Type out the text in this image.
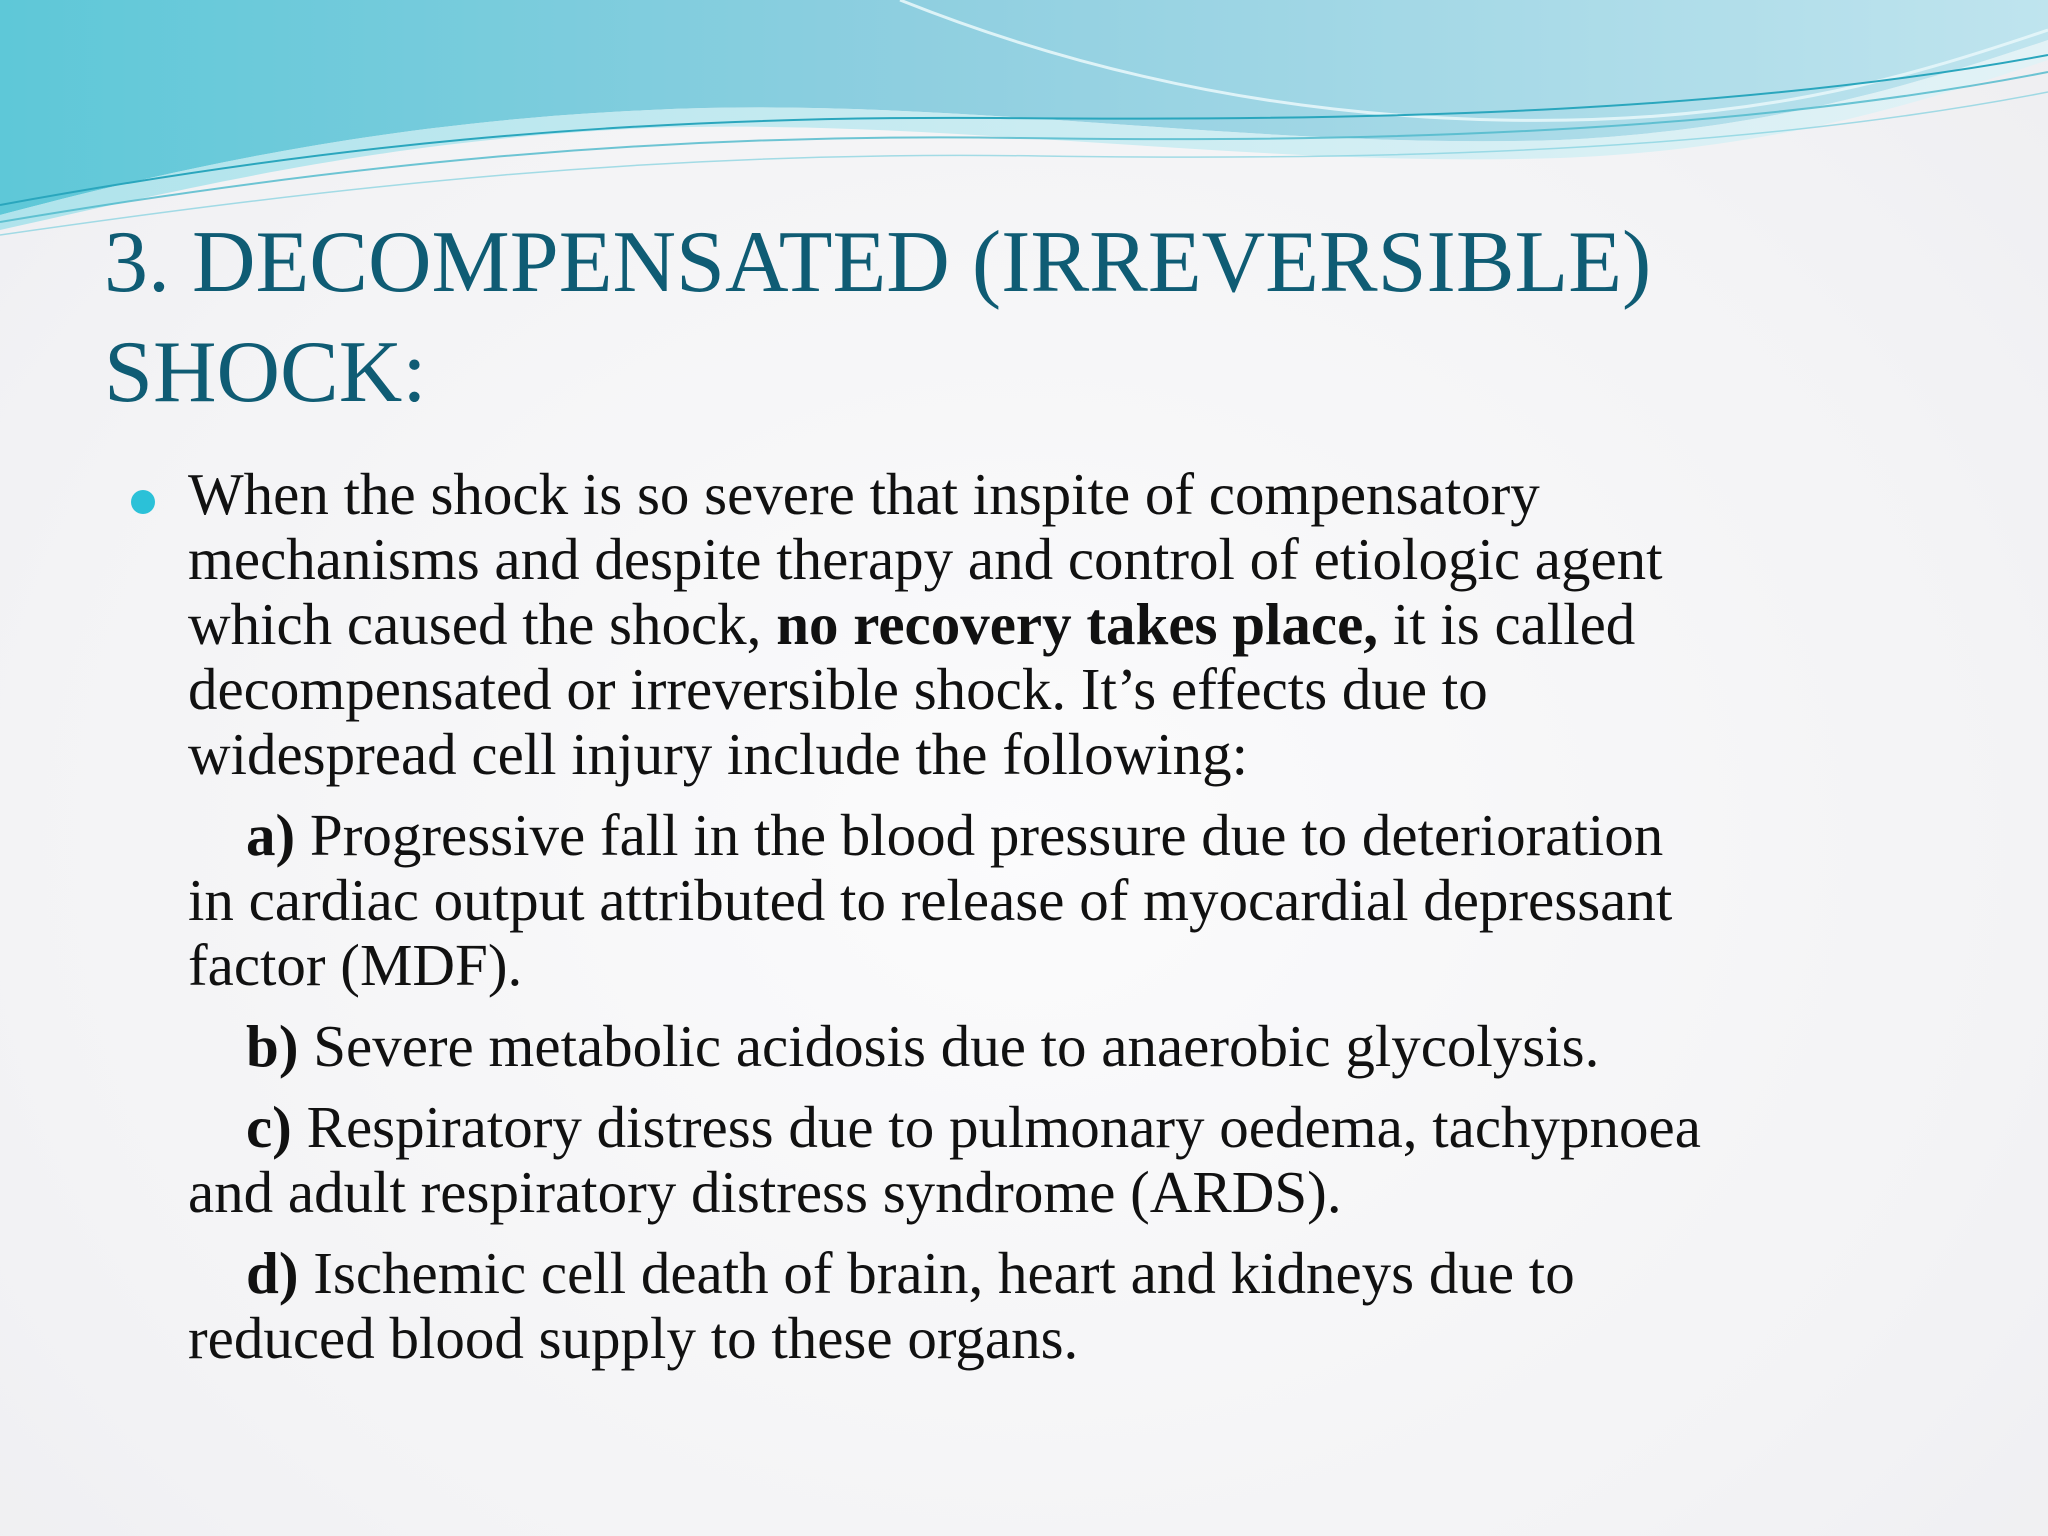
3. DECOMPENSATED (IRREVERSIBLE)
SHOCK:

When the shock is so severe that inspite of compensatory

mechanisms and despite therapy and control of etiologic agent

which caused the shock, no recovery takes place, it is called

decompensated or irreversible shock. It’s effects due to

widespread cell injury include the following:

a) Progressive fall in the blood pressure due to deterioration

in cardiac output attributed to release of myocardial depressant

factor (MDF).

b) Severe metabolic acidosis due to anaerobic glycolysis.

c) Respiratory distress due to pulmonary oedema, tachypnoea

and adult respiratory distress syndrome (ARDS).

d) Ischemic cell death of brain, heart and kidneys due to

reduced blood supply to these organs.
